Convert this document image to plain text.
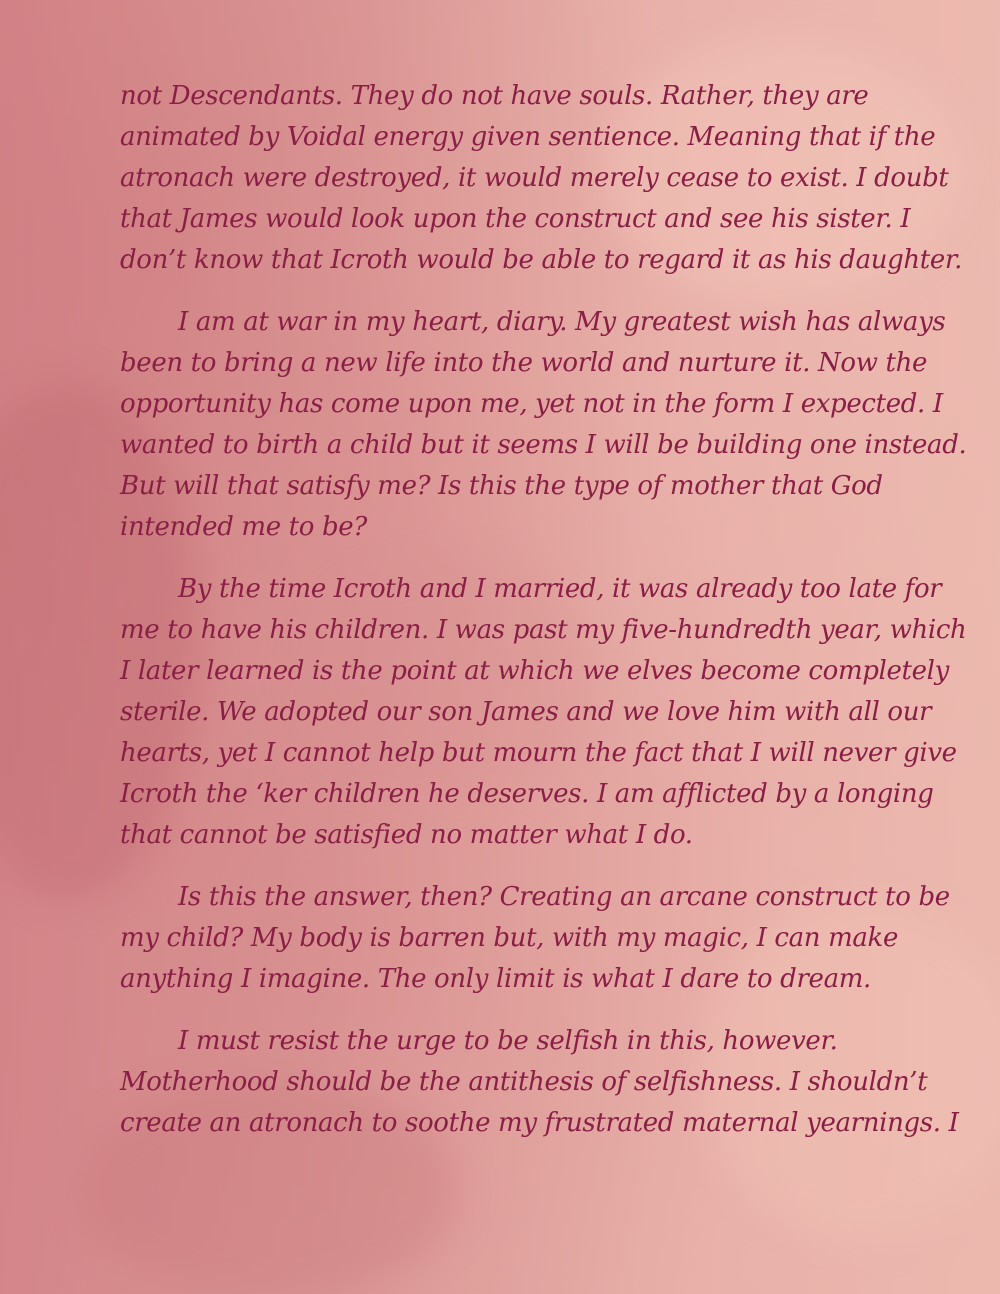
not Descendants. They do not have souls. Rather, they are
animated by Voidal energy given sentience. Meaning that if the
atronach were destroyed, it would merely cease to exist. I doubt
that James would look upon the construct and see his sister. I
don’t know that Icroth would be able to regard it as his daughter.

I am at war in my heart, diary. My greatest wish has always
been to bring a new life into the world and nurture it. Now the
opportunity has come upon me, yet not in the form I expected. I
wanted to birth a child but it seems I will be building one instead.
But will that satisfy me? Is this the type of mother that God
intended me to be?

By the time Icroth and I married, it was already too late for
me to have his children. I was past my five-hundredth year, which
I later learned is the point at which we elves become completely
sterile. We adopted our son James and we love him with all our
hearts, yet I cannot help but mourn the fact that I will never give
Icroth the ‘ker children he deserves. I am afflicted by a longing
that cannot be satisfied no matter what I do.

Is this the answer, then? Creating an arcane construct to be
my child? My body is barren but, with my magic, I can make
anything I imagine. The only limit is what I dare to dream.

I must resist the urge to be selfish in this, however.
Motherhood should be the antithesis of selfishness. I shouldn’t
create an atronach to soothe my frustrated maternal yearnings. I
